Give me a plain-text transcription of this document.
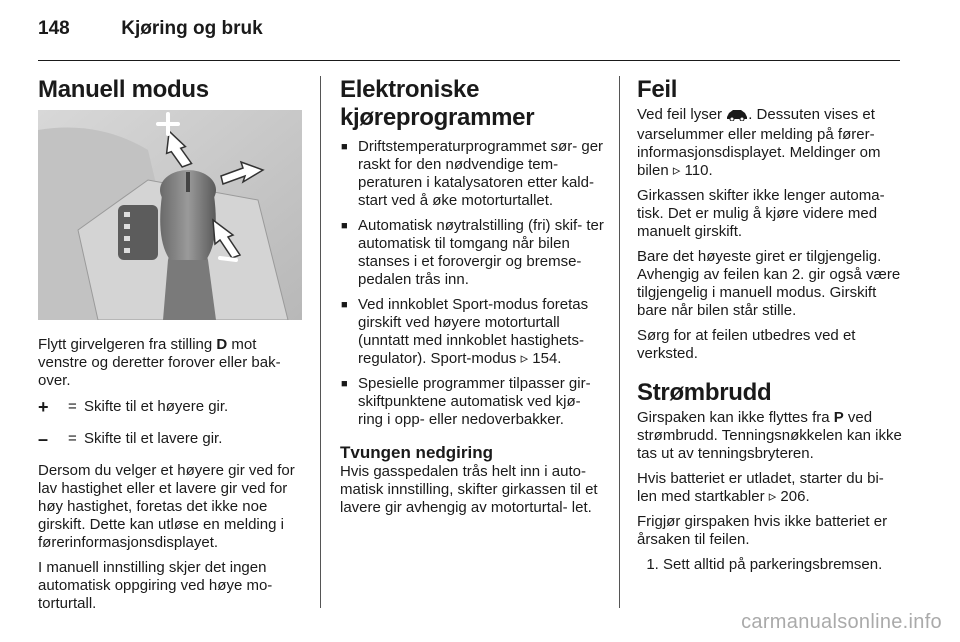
148	Kjøring og bruk
Manuell modus

Flytt girvelgeren fra stilling D mot venstre og deretter forover eller bak- over.

+	= Skifte til et høyere gir.
–	= Skifte til et lavere gir.

Dersom du velger et høyere gir ved for lav hastighet eller et lavere gir ved for høy hastighet, foretas det ikke noe girskift. Dette kan utløse en melding i førerinformasjonsdisplayet.

I manuell innstilling skjer det ingen automatisk oppgiring ved høye mo- torturtall.

Elektroniske kjøreprogrammer
■ Driftstemperaturprogrammet sør- ger raskt for den nødvendige tem- peraturen i katalysatoren etter kald- start ved å øke motorturtallet.
■ Automatisk nøytralstilling (fri) skif- ter automatisk til tomgang når bilen stanses i et forovergir og bremse- pedalen trås inn.
■ Ved innkoblet Sport-modus foretas girskift ved høyere motorturtall (unntatt med innkoblet hastighets- regulator). Sport-modus ▹ 154.
■ Spesielle programmer tilpasser gir- skiftpunktene automatisk ved kjø- ring i opp- eller nedoverbakker.
Tvungen nedgiring

Hvis gasspedalen trås helt inn i auto- matisk innstilling, skifter girkassen til et lavere gir avhengig av motorturtal- let.

Feil

Ved feil lyser . Dessuten vises et varselummer eller melding på fører- informasjonsdisplayet. Meldinger om bilen ▹ 110.

Girkassen skifter ikke lenger automa- tisk. Det er mulig å kjøre videre med manuelt girskift.

Bare det høyeste giret er tilgjengelig. Avhengig av feilen kan 2. gir også være tilgjengelig i manuell modus. Girskift bare når bilen står stille.

Sørg for at feilen utbedres ved et verksted.

Strømbrudd

Girspaken kan ikke flyttes fra P ved strømbrudd. Tenningsnøkkelen kan ikke tas ut av tenningsbryteren.

Hvis batteriet er utladet, starter du bi- len med startkabler ▹ 206.

Frigjør girspaken hvis ikke batteriet er årsaken til feilen.

1. Sett alltid på parkeringsbremsen.
carmanualsonline.info
